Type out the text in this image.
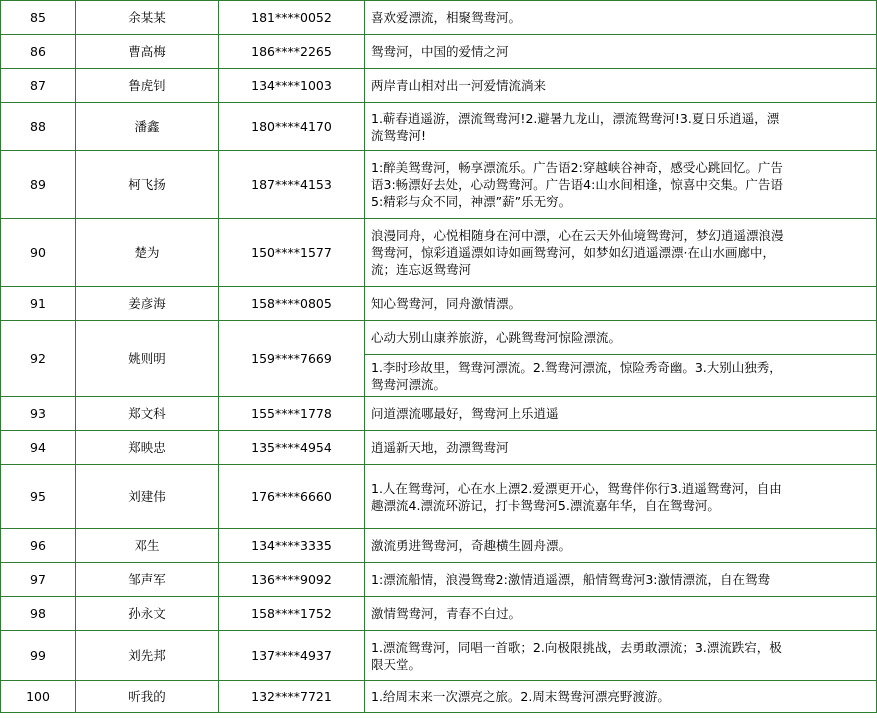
85	余某某	181****0052	喜欢爱漂流，相聚鸳鸯河。
86	曹高梅	186****2265	鸳鸯河，中国的爱情之河
87	鲁虎钊	134****1003	两岸青山相对出一河爱情流淌来
88	潘鑫	180****4170	1.蕲春逍遥游，漂流鸳鸯河!2.避暑九龙山，漂流鸳鸯河!3.夏日乐逍遥，漂
流鸳鸯河!

89	柯飞扬	187****4153	1:醉美鸳鸯河，畅享漂流乐。广告语2:穿越峡谷神奇，感受心跳回忆。广告
语3:畅漂好去处，心动鸳鸯河。广告语4:山水间相逢，惊喜中交集。广告语
5:精彩与众不同，神漂”薪”乐无穷。

90	楚为	150****1577	浪漫同舟，心悦相随身在河中漂，心在云天外仙境鸳鸯河，梦幻逍遥漂浪漫
鸳鸯河，惊彩逍遥漂如诗如画鸳鸯河，如梦如幻逍遥漂漂·在山水画廊中，
流；连忘返鸳鸯河

91	姜彦海	158****0805	知心鸳鸯河，同舟激情漂。
92	姚则明	159****7669	心动大别山康养旅游，心跳鸳鸯河惊险漂流。

			1.李时珍故里，鸳鸯河漂流。2.鸳鸯河漂流，惊险秀奇幽。3.大别山独秀，
鸳鸯河漂流。

93	郑文科	155****1778	问道漂流哪最好，鸳鸯河上乐逍遥
94	郑映忠	135****4954	逍遥新天地，劲漂鸳鸯河
95	刘建伟	176****6660	1.人在鸳鸯河，心在水上漂2.爱漂更开心，鸳鸯伴你行3.逍遥鸳鸯河，自由
趣漂流4.漂流环游记，打卡鸳鸯河5.漂流嘉年华，自在鸳鸯河。

96	邓生	134****3335	激流勇进鸳鸯河，奇趣横生圆舟漂。
97	邹声军	136****9092	1:漂流船情，浪漫鸳鸯2:激情逍遥漂，船情鸳鸯河3:激情漂流，自在鸳鸯
98	孙永文	158****1752	激情鸳鸯河，青春不白过。
99	刘先邦	137****4937	1.漂流鸳鸯河，同唱一首歌；2.向极限挑战，去勇敢漂流；3.漂流跌宕，极
限天堂。

100	听我的	132****7721	1.给周末来一次漂亮之旅。2.周末鸳鸯河漂亮野渡游。
